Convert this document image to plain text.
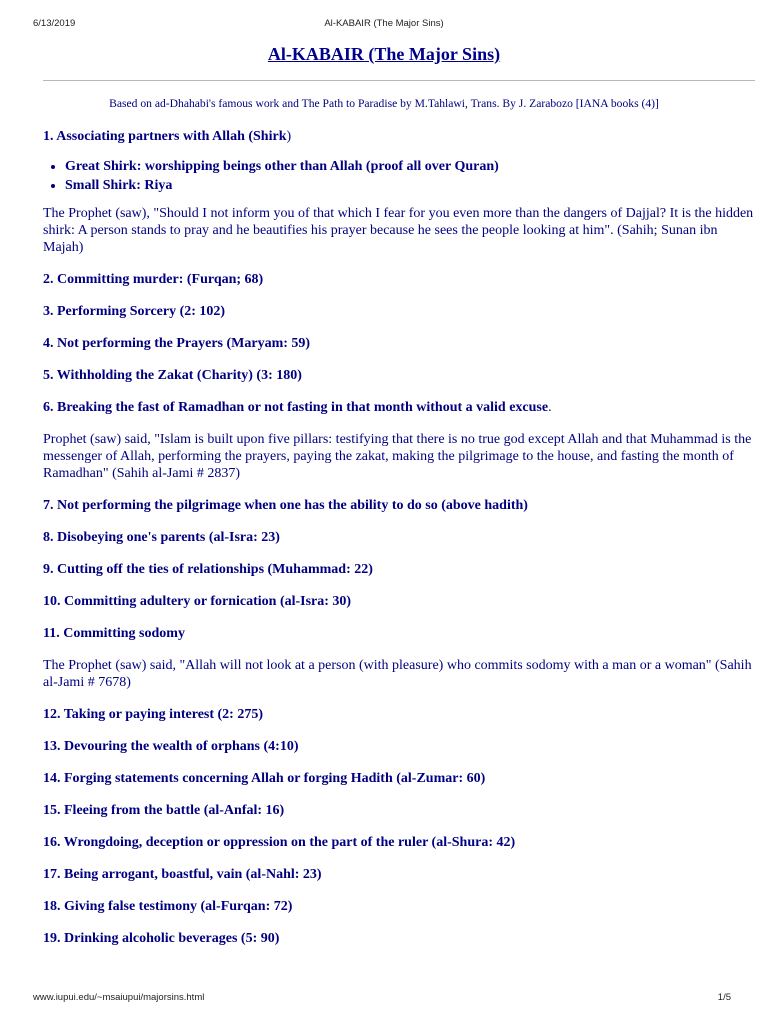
6/13/2019	Al-KABAIR (The Major Sins)
Al-KABAIR (The Major Sins)
Based on ad-Dhahabi's famous work and The Path to Paradise by M.Tahlawi, Trans. By J. Zarabozo [IANA books (4)]
1. Associating partners with Allah (Shirk)
• Great Shirk: worshipping beings other than Allah (proof all over Quran)
• Small Shirk: Riya

The Prophet (saw), "Should I not inform you of that which I fear for you even more than the dangers of Dajjal? It is the hidden shirk: A person stands to pray and he beautifies his prayer because he sees the people looking at him". (Sahih; Sunan ibn Majah)

2. Committing murder: (Furqan; 68)
3. Performing Sorcery (2: 102)
4. Not performing the Prayers (Maryam: 59)
5. Withholding the Zakat (Charity) (3: 180)
6. Breaking the fast of Ramadhan or not fasting in that month without a valid excuse.

Prophet (saw) said, "Islam is built upon five pillars: testifying that there is no true god except Allah and that Muhammad is the messenger of Allah, performing the prayers, paying the zakat, making the pilgrimage to the house, and fasting the month of Ramadhan" (Sahih al-Jami # 2837)

7. Not performing the pilgrimage when one has the ability to do so (above hadith)
8. Disobeying one's parents (al-Isra: 23)
9. Cutting off the ties of relationships (Muhammad: 22)
10. Committing adultery or fornication (al-Isra: 30)
11. Committing sodomy

The Prophet (saw) said, "Allah will not look at a person (with pleasure) who commits sodomy with a man or a woman" (Sahih al-Jami # 7678)

12. Taking or paying interest (2: 275)
13. Devouring the wealth of orphans (4:10)
14. Forging statements concerning Allah or forging Hadith (al-Zumar: 60)
15. Fleeing from the battle (al-Anfal: 16)
16. Wrongdoing, deception or oppression on the part of the ruler (al-Shura: 42)
17. Being arrogant, boastful, vain (al-Nahl: 23)
18. Giving false testimony (al-Furqan: 72)
19. Drinking alcoholic beverages (5: 90)
www.iupui.edu/~msaiupui/majorsins.html	1/5
